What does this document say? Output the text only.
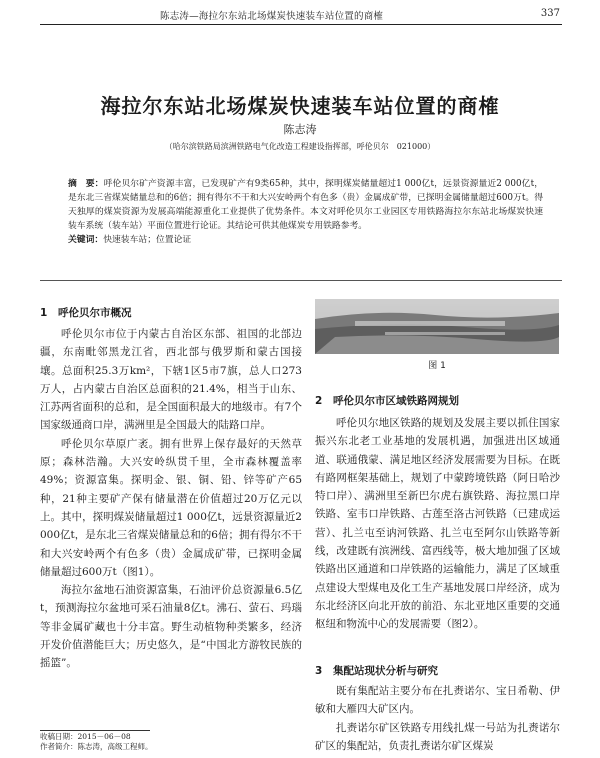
陈志涛—海拉尔东站北场煤炭快速装车站位置的商榷	337
海拉尔东站北场煤炭快速装车站位置的商榷
陈志涛
（哈尔滨铁路局滨洲铁路电气化改造工程建设指挥部，呼伦贝尔　021000）

摘　要：呼伦贝尔矿产资源丰富，已发现矿产有9类65种，其中，探明煤炭储量超过1 000亿t，远景资源量近2 000亿t，是东北三省煤炭储量总和的6倍；拥有得尔不干和大兴安岭两个有色多（贵）金属成矿带，已探明金属储量超过600万t。得天独厚的煤炭资源为发展高端能源重化工业提供了优势条件。本文对呼伦贝尔工业园区专用铁路海拉尔东站北场煤炭快速装车系统（装车站）平面位置进行论证。其结论可供其他煤炭专用铁路参考。

关键词：快速装车站；位置论证

1 呼伦贝尔市概况

呼伦贝尔市位于内蒙古自治区东部、祖国的北部边疆，东南毗邻黑龙江省，西北部与俄罗斯和蒙古国接壤。总面积25.3万km²，下辖1区5市7旗，总人口273万人，占内蒙古自治区总面积的21.4%，相当于山东、江苏两省面积的总和，是全国面积最大的地级市。有7个国家级通商口岸，满洲里是全国最大的陆路口岸。

呼伦贝尔草原广袤。拥有世界上保存最好的天然草原；森林浩瀚。大兴安岭纵贯千里，全市森林覆盖率49%；资源富集。探明金、银、铜、铅、锌等矿产65种，21种主要矿产保有储量潜在价值超过20万亿元以上。其中，探明煤炭储量超过1 000亿t，远景资源量近2 000亿t，是东北三省煤炭储量总和的6倍；拥有得尔不干和大兴安岭两个有色多（贵）金属成矿带，已探明金属储量超过600万t（图1）。

海拉尔盆地石油资源富集，石油评价总资源量6.5亿t，预测海拉尔盆地可采石油量8亿t。沸石、萤石、玛瑙等非金属矿藏也十分丰富。野生动植物种类繁多，经济开发价值潜能巨大；历史悠久，是“中国北方游牧民族的摇篮”。

图 1
2 呼伦贝尔市区域铁路网规划

呼伦贝尔地区铁路的规划及发展主要以抓住国家振兴东北老工业基地的发展机遇，加强进出区域通道、联通俄蒙、满足地区经济发展需要为目标。在既有路网框架基础上，规划了中蒙跨境铁路（阿日哈沙特口岸）、满洲里至新巴尔虎右旗铁路、海拉黑口岸铁路、室韦口岸铁路、古莲至洛古河铁路（已建成运营）、扎兰屯至讷河铁路、扎兰屯至阿尔山铁路等新线，改建既有滨洲线、富西线等，极大地加强了区域铁路出区通道和口岸铁路的运输能力，满足了区域重点建设大型煤电及化工生产基地发展口岸经济，成为东北经济区向北开放的前沿、东北亚地区重要的交通枢纽和物流中心的发展需要（图2）。

3 集配站现状分析与研究

既有集配站主要分布在扎赉诺尔、宝日希勒、伊敏和大雁四大矿区内。

扎赉诺尔矿区铁路专用线扎煤一号站为扎赉诺尔矿区的集配站，负责扎赉诺尔矿区煤炭

收稿日期：2015－06－08
作者简介：陈志涛，高级工程师。
